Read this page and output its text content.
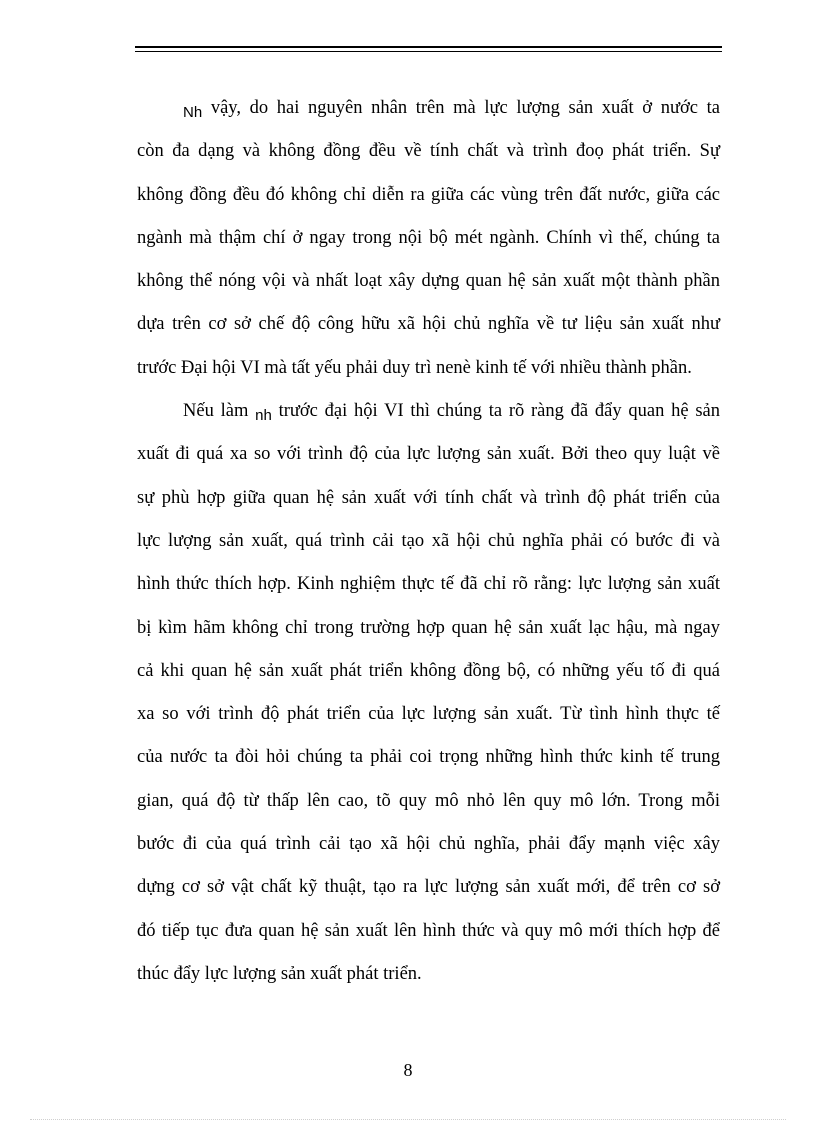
$_{Nh}$ vậy, do hai nguyên nhân trên mà lực lượng sản xuất ở nước ta
còn đa dạng và không đồng đều về tính chất và trình đoọ phát triển. Sự
không đồng đều đó không chỉ diễn ra giữa các vùng trên đất nước, giữa các
ngành mà thậm chí ở ngay trong nội bộ mét ngành. Chính vì thế, chúng ta
không thể nóng vội và nhất loạt xây dựng quan hệ sản xuất một thành phần
dựa trên cơ sở chế độ công hữu xã hội chủ nghĩa về tư liệu sản xuất như
trước Đại hội VI mà tất yếu phải duy trì nenè kinh tế với nhiều thành phần.
Nếu làm $_{nh}$ trước đại hội VI thì chúng ta rõ ràng đã đẩy quan hệ sản
xuất đi quá xa so với trình độ của lực lượng sản xuất. Bởi theo quy luật về
sự phù hợp giữa quan hệ sản xuất với tính chất và trình độ phát triển của
lực lượng sản xuất, quá trình cải tạo xã hội chủ nghĩa phải có bước đi và
hình thức thích hợp. Kinh nghiệm thực tế đã chỉ rõ rằng: lực lượng sản xuất
bị kìm hãm không chỉ trong trường hợp quan hệ sản xuất lạc hậu, mà ngay
cả khi quan hệ sản xuất phát triển không đồng bộ, có những yếu tố đi quá
xa so với trình độ phát triển của lực lượng sản xuất. Từ tình hình thực tế
của nước ta đòi hỏi chúng ta phải coi trọng những hình thức kinh tế trung
gian, quá độ từ thấp lên cao, tõ quy mô nhỏ lên quy mô lớn. Trong mỗi
bước đi của quá trình cải tạo xã hội chủ nghĩa, phải đẩy mạnh việc xây
dựng cơ sở vật chất kỹ thuật, tạo ra lực lượng sản xuất mới, để trên cơ sở
đó tiếp tục đưa quan hệ sản xuất lên hình thức và quy mô mới thích hợp để
thúc đẩy lực lượng sản xuất phát triển.
8
